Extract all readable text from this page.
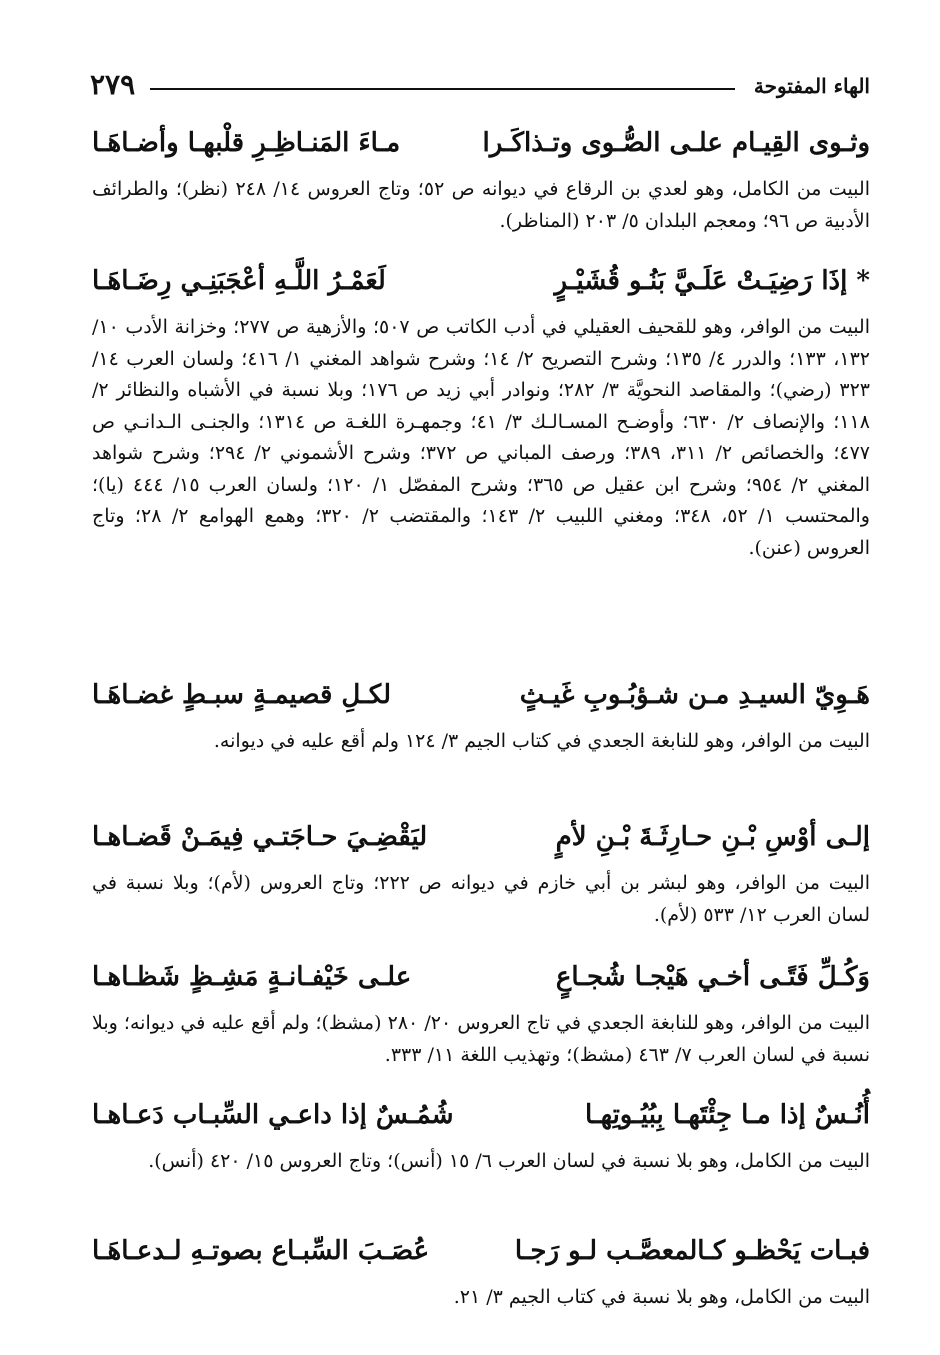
الهاء المفتوحة
٢٧٩
وثـوى القِيـام علـى الصُّـوى وتـذاكَـرا
مـاءَ المَنـاظِـرِ قلْبهـا وأضـاهَـا
البيت من الكامل، وهو لعدي بن الرقاع في ديوانه ص ٥٢؛ وتاج العروس ١٤/ ٢٤٨ (نظر)؛ والطرائف الأدبية ص ٩٦؛ ومعجم البلدان ٥/ ٢٠٣ (المناظر).
* إذَا رَضِيَـتْ عَلَـيَّ بَنُـو قُشَيْـرٍ
لَعَمْـرُ اللَّـهِ أعْجَبَنِـي رِضَـاهَـا
البيت من الوافر، وهو للقحيف العقيلي في أدب الكاتب ص ٥٠٧؛ والأزهية ص ٢٧٧؛ وخزانة الأدب ١٠/ ١٣٢، ١٣٣؛ والدرر ٤/ ١٣٥؛ وشرح التصريح ٢/ ١٤؛ وشرح شواهد المغني ١/ ٤١٦؛ ولسان العرب ١٤/ ٣٢٣ (رضي)؛ والمقاصد النحويَّة ٣/ ٢٨٢؛ ونوادر أبي زيد ص ١٧٦؛ وبلا نسبة في الأشباه والنظائر ٢/ ١١٨؛ والإنصاف ٢/ ٦٣٠؛ وأوضـح المسـالـك ٣/ ٤١؛ وجمهـرة اللغـة ص ١٣١٤؛ والجنـى الـدانـي ص ٤٧٧؛ والخصائص ٢/ ٣١١، ٣٨٩؛ ورصف المباني ص ٣٧٢؛ وشرح الأشموني ٢/ ٢٩٤؛ وشرح شواهد المغني ٢/ ٩٥٤؛ وشرح ابن عقيل ص ٣٦٥؛ وشرح المفصّل ١/ ١٢٠؛ ولسان العرب ١٥/ ٤٤٤ (يا)؛ والمحتسب ١/ ٥٢، ٣٤٨؛ ومغني اللبيب ٢/ ١٤٣؛ والمقتضب ٢/ ٣٢٠؛ وهمع الهوامع ٢/ ٢٨؛ وتاج العروس (عنن).
هَـوِيّ السيـدِ مـن شـؤبُـوبِ غَيـثٍ
لكـلِ قصيمـةٍ سبـطٍ غضـاهَـا
البيت من الوافر، وهو للنابغة الجعدي في كتاب الجيم ٣/ ١٢٤ ولم أقع عليه في ديوانه.
إلـى أوْسِ بْـنِ حـارِثَـةَ بْـنِ لأمٍ
ليَقْضِـيَ حـاجَتـي فِيمَـنْ قَضـاهـا
البيت من الوافر، وهو لبشر بن أبي خازم في ديوانه ص ٢٢٢؛ وتاج العروس (لأم)؛ وبلا نسبة في لسان العرب ١٢/ ٥٣٣ (لأم).
وَكُـلِّ فَتًـى أخـي هَيْجـا شُجـاعٍ
علـى خَيْفـانـةٍ مَشِـظٍ شَظـاهـا
البيت من الوافر، وهو للنابغة الجعدي في تاج العروس ٢٠/ ٢٨٠ (مشظ)؛ ولم أقع عليه في ديوانه؛ وبلا نسبة في لسان العرب ٧/ ٤٦٣ (مشظ)؛ وتهذيب اللغة ١١/ ٣٣٣.
أُنُـسٌ إذا مـا جِئْتَهـا بِبُيُـوتِهـا
شُمُـسٌ إذا داعـي السِّبـاب دَعـاهـا
البيت من الكامل، وهو بلا نسبة في لسان العرب ٦/ ١٥ (أنس)؛ وتاج العروس ١٥/ ٤٢٠ (أنس).
فبـات يَحْظـو كـالمعصَّـب لـو رَجـا
عُصَـبَ السِّبـاع بصوتـهِ لـدعـاهَـا
البيت من الكامل، وهو بلا نسبة في كتاب الجيم ٣/ ٢١.
